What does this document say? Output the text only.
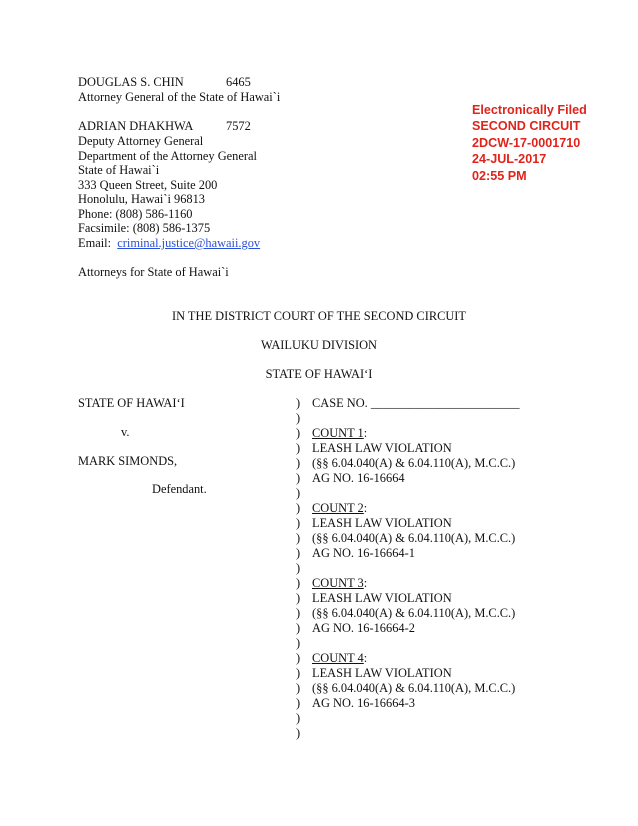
DOUGLAS S. CHIN	6465
Attorney General of the State of Hawai`i
ADRIAN DHAKHWA	7572
Deputy Attorney General
Department of the Attorney General
State of Hawai`i
333 Queen Street, Suite 200
Honolulu, Hawai`i 96813
Phone: (808) 586-1160
Facsimile: (808) 586-1375
Email: criminal.justice@hawaii.gov
Attorneys for State of Hawai`i
Electronically Filed
SECOND CIRCUIT
2DCW-17-0001710
24-JUL-2017
02:55 PM
IN THE DISTRICT COURT OF THE SECOND CIRCUIT
WAILUKU DIVISION
STATE OF HAWAIʻI
STATE OF HAWAIʻI
v.
MARK SIMONDS,
Defendant.
)
)
)
)
)
)
)
)
)
)
)
)
)
)
)
)
)
)
)
)
)
)
)
CASE NO. ________________________

COUNT 1:
LEASH LAW VIOLATION
(§§ 6.04.040(A) & 6.04.110(A), M.C.C.)
AG NO. 16-16664

COUNT 2:
LEASH LAW VIOLATION
(§§ 6.04.040(A) & 6.04.110(A), M.C.C.)
AG NO. 16-16664-1

COUNT 3:
LEASH LAW VIOLATION
(§§ 6.04.040(A) & 6.04.110(A), M.C.C.)
AG NO. 16-16664-2

COUNT 4:
LEASH LAW VIOLATION
(§§ 6.04.040(A) & 6.04.110(A), M.C.C.)
AG NO. 16-16664-3
